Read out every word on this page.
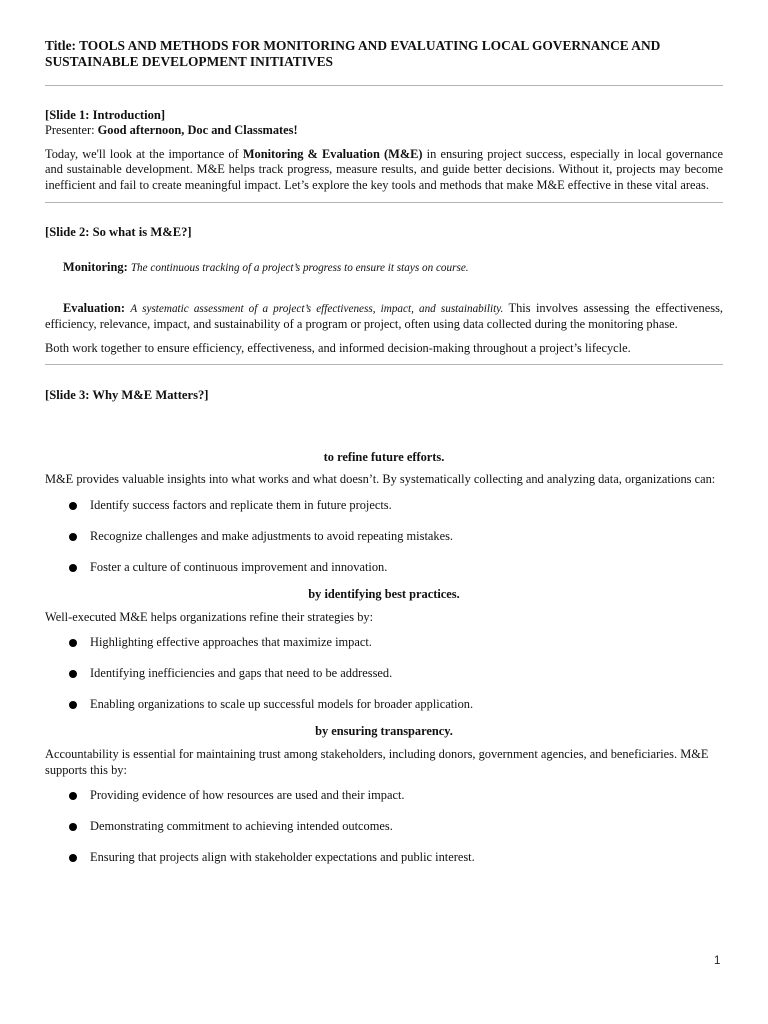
Title: TOOLS AND METHODS FOR MONITORING AND EVALUATING LOCAL GOVERNANCE AND SUSTAINABLE DEVELOPMENT INITIATIVES

[Slide 1: Introduction]

Presenter: Good afternoon, Doc and Classmates!

Today, we'll look at the importance of Monitoring & Evaluation (M&E) in ensuring project success, especially in local governance and sustainable development. M&E helps track progress, measure results, and guide better decisions. Without it, projects may become inefficient and fail to create meaningful impact. Let’s explore the key tools and methods that make M&E effective in these vital areas.

[Slide 2: So what is M&E?]

Monitoring: The continuous tracking of a project’s progress to ensure it stays on course.

Evaluation: A systematic assessment of a project’s effectiveness, impact, and sustainability. This involves assessing the effectiveness, efficiency, relevance, impact, and sustainability of a program or project, often using data collected during the monitoring phase.

Both work together to ensure efficiency, effectiveness, and informed decision-making throughout a project’s lifecycle.

[Slide 3: Why M&E Matters?]

to refine future efforts.

M&E provides valuable insights into what works and what doesn’t. By systematically collecting and analyzing data, organizations can:

Identify success factors and replicate them in future projects.
Recognize challenges and make adjustments to avoid repeating mistakes.
Foster a culture of continuous improvement and innovation.

by identifying best practices.

Well-executed M&E helps organizations refine their strategies by:

Highlighting effective approaches that maximize impact.
Identifying inefficiencies and gaps that need to be addressed.
Enabling organizations to scale up successful models for broader application.

by ensuring transparency.

Accountability is essential for maintaining trust among stakeholders, including donors, government agencies, and beneficiaries. M&E supports this by:

Providing evidence of how resources are used and their impact.
Demonstrating commitment to achieving intended outcomes.
Ensuring that projects align with stakeholder expectations and public interest.
1
